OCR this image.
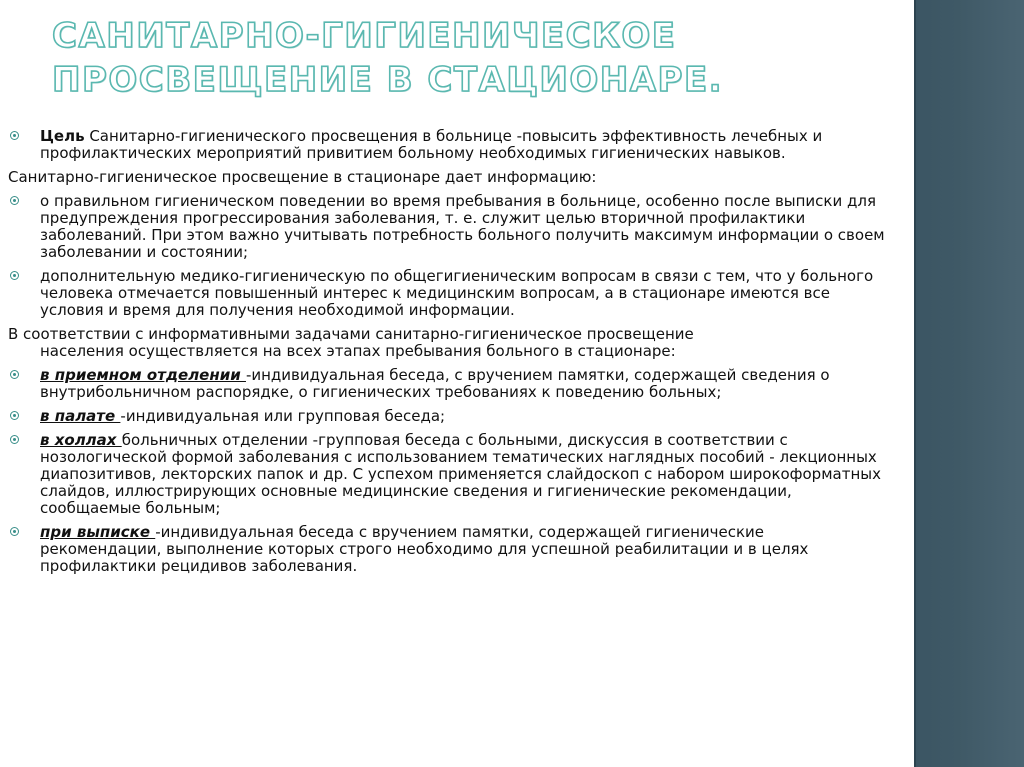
САНИТАРНО-ГИГИЕНИЧЕСКОЕ ПРОСВЕЩЕНИЕ В СТАЦИОНАРЕ.
Цель Санитарно-гигиенического просвещения в больнице -повысить эффективность лечебных и профилактических мероприятий привитием больному необходимых гигиенических навыков.
Санитарно-гигиеническое просвещение в стационаре дает информацию:
о правильном гигиеническом поведении во время пребывания в больнице, особенно после выписки для предупреждения прогрессирования заболевания, т. е. служит целью вторичной профилактики заболеваний. При этом важно учитывать потребность больного получить максимум информации о своем заболевании и состоянии;
дополнительную медико-гигиеническую по общегигиеническим вопросам в связи с тем, что у больного человека отмечается повышенный интерес к медицинским вопросам, а в стационаре имеются все условия и время для получения необходимой информации.
В соответствии с информативными задачами санитарно-гигиеническое просвещение
населения осуществляется на всех этапах пребывания больного в стационаре:
в приемном отделении -индивидуальная беседа, с вручением памятки, содержащей сведения о внутрибольничном распорядке, о гигиенических требованиях к поведению больных;
в палате -индивидуальная или групповая беседа;
в холлах больничных отделении -групповая беседа с больными, дискуссия в соответствии с нозологической формой заболевания с использованием тематических наглядных пособий - лекционных диапозитивов, лекторских папок и др. С успехом применяется слайдоскоп с набором широкоформатных слайдов, иллюстрирующих основные медицинские сведения и гигиенические рекомендации, сообщаемые больным;
при выписке -индивидуальная беседа с вручением памятки, содержащей гигиенические рекомендации, выполнение которых строго необходимо для успешной реабилитации и в целях профилактики рецидивов заболевания.
